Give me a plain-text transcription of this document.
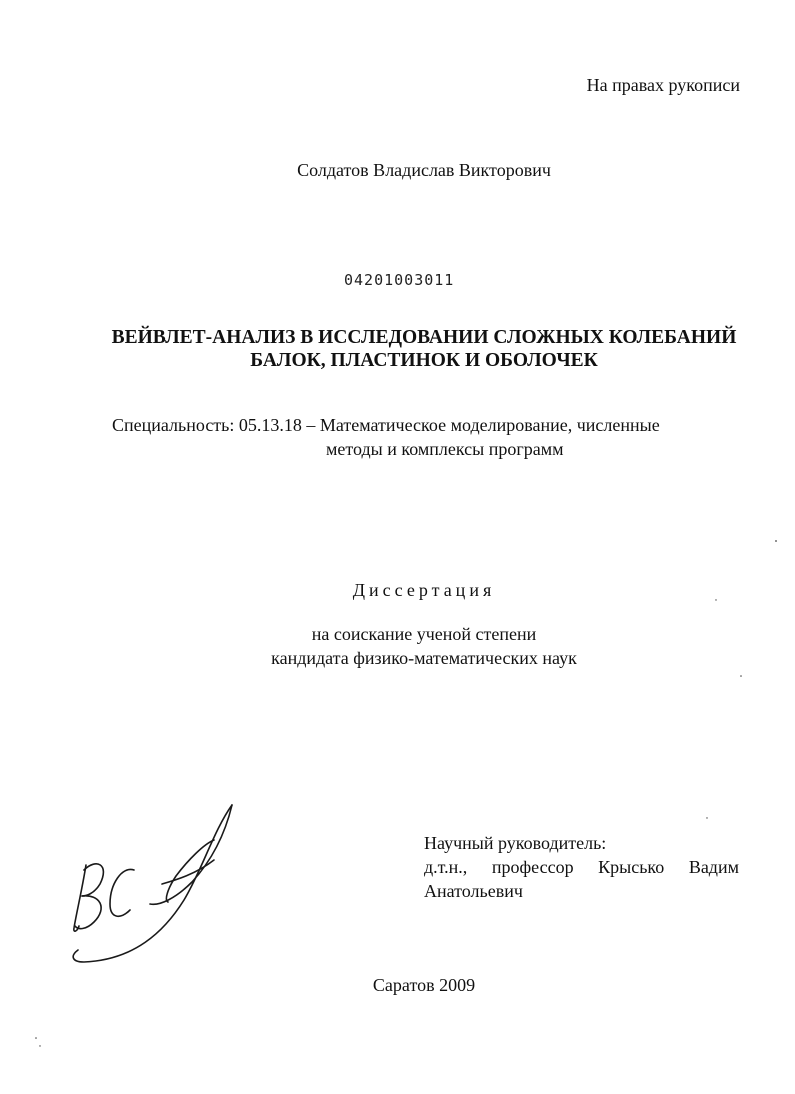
На правах рукописи
Солдатов Владислав Викторович
04201003011
ВЕЙВЛЕТ-АНАЛИЗ В ИССЛЕДОВАНИИ СЛОЖНЫХ КОЛЕБАНИЙ
БАЛОК, ПЛАСТИНОК И ОБОЛОЧЕК
Специальность: 05.13.18 – Математическое моделирование, численные
методы и комплексы программ
Диссертация
на соискание ученой степени
кандидата физико-математических наук
Научный руководитель:
д.т.н., профессор Крысько Вадим
Анатольевич
Саратов 2009
